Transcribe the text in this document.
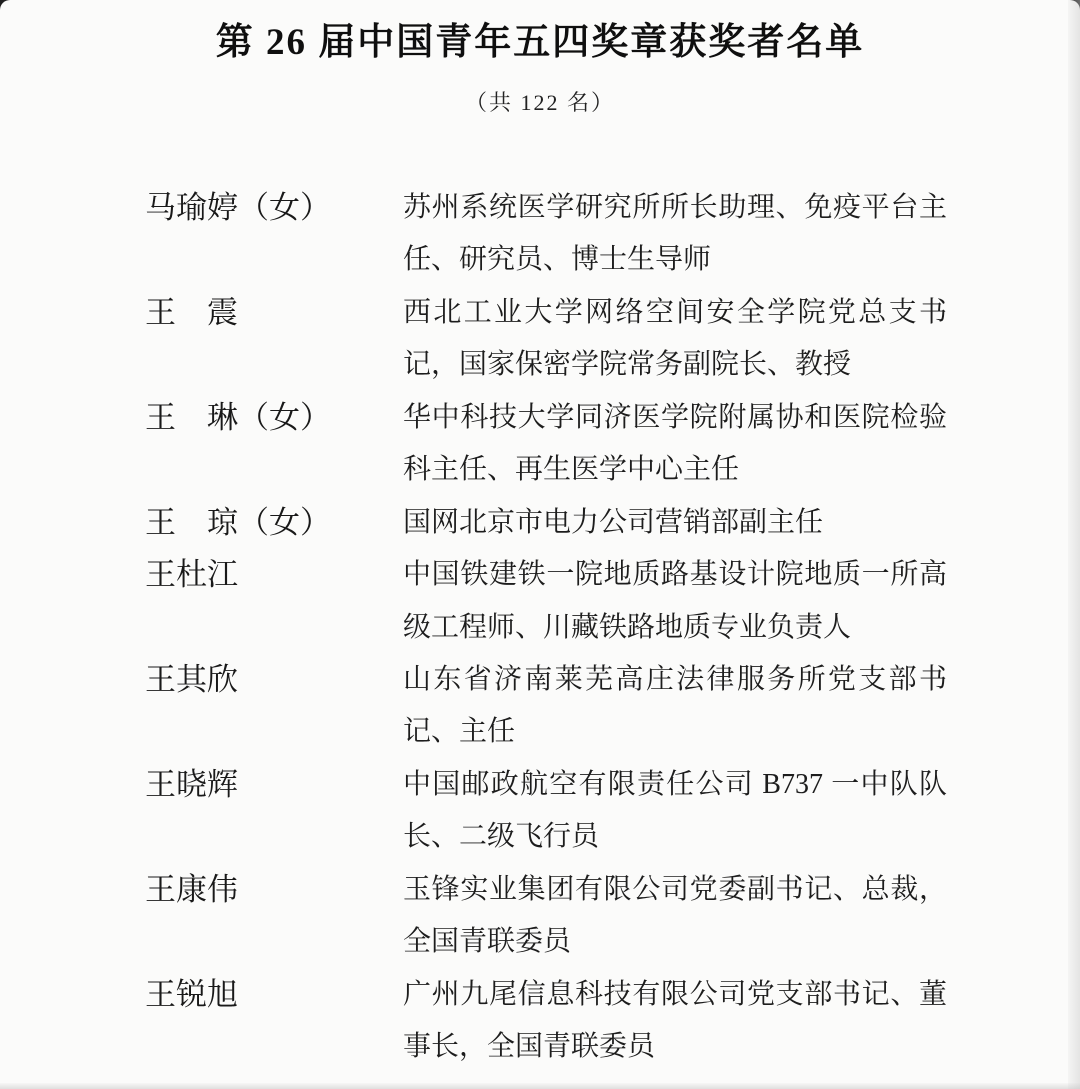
第 26 届中国青年五四奖章获奖者名单
（共 122 名）
马瑜婷（女）	苏州系统医学研究所所长助理、免疫平台主
任、研究员、博士生导师
王　震	西北工业大学网络空间安全学院党总支书
记，国家保密学院常务副院长、教授
王　琳（女）	华中科技大学同济医学院附属协和医院检验
科主任、再生医学中心主任
王　琼（女）	国网北京市电力公司营销部副主任
王杜江	中国铁建铁一院地质路基设计院地质一所高
级工程师、川藏铁路地质专业负责人
王其欣	山东省济南莱芜高庄法律服务所党支部书
记、主任
王晓辉	中国邮政航空有限责任公司 B737 一中队队
长、二级飞行员
王康伟	玉锋实业集团有限公司党委副书记、总裁，
全国青联委员
王锐旭	广州九尾信息科技有限公司党支部书记、董
事长，全国青联委员
